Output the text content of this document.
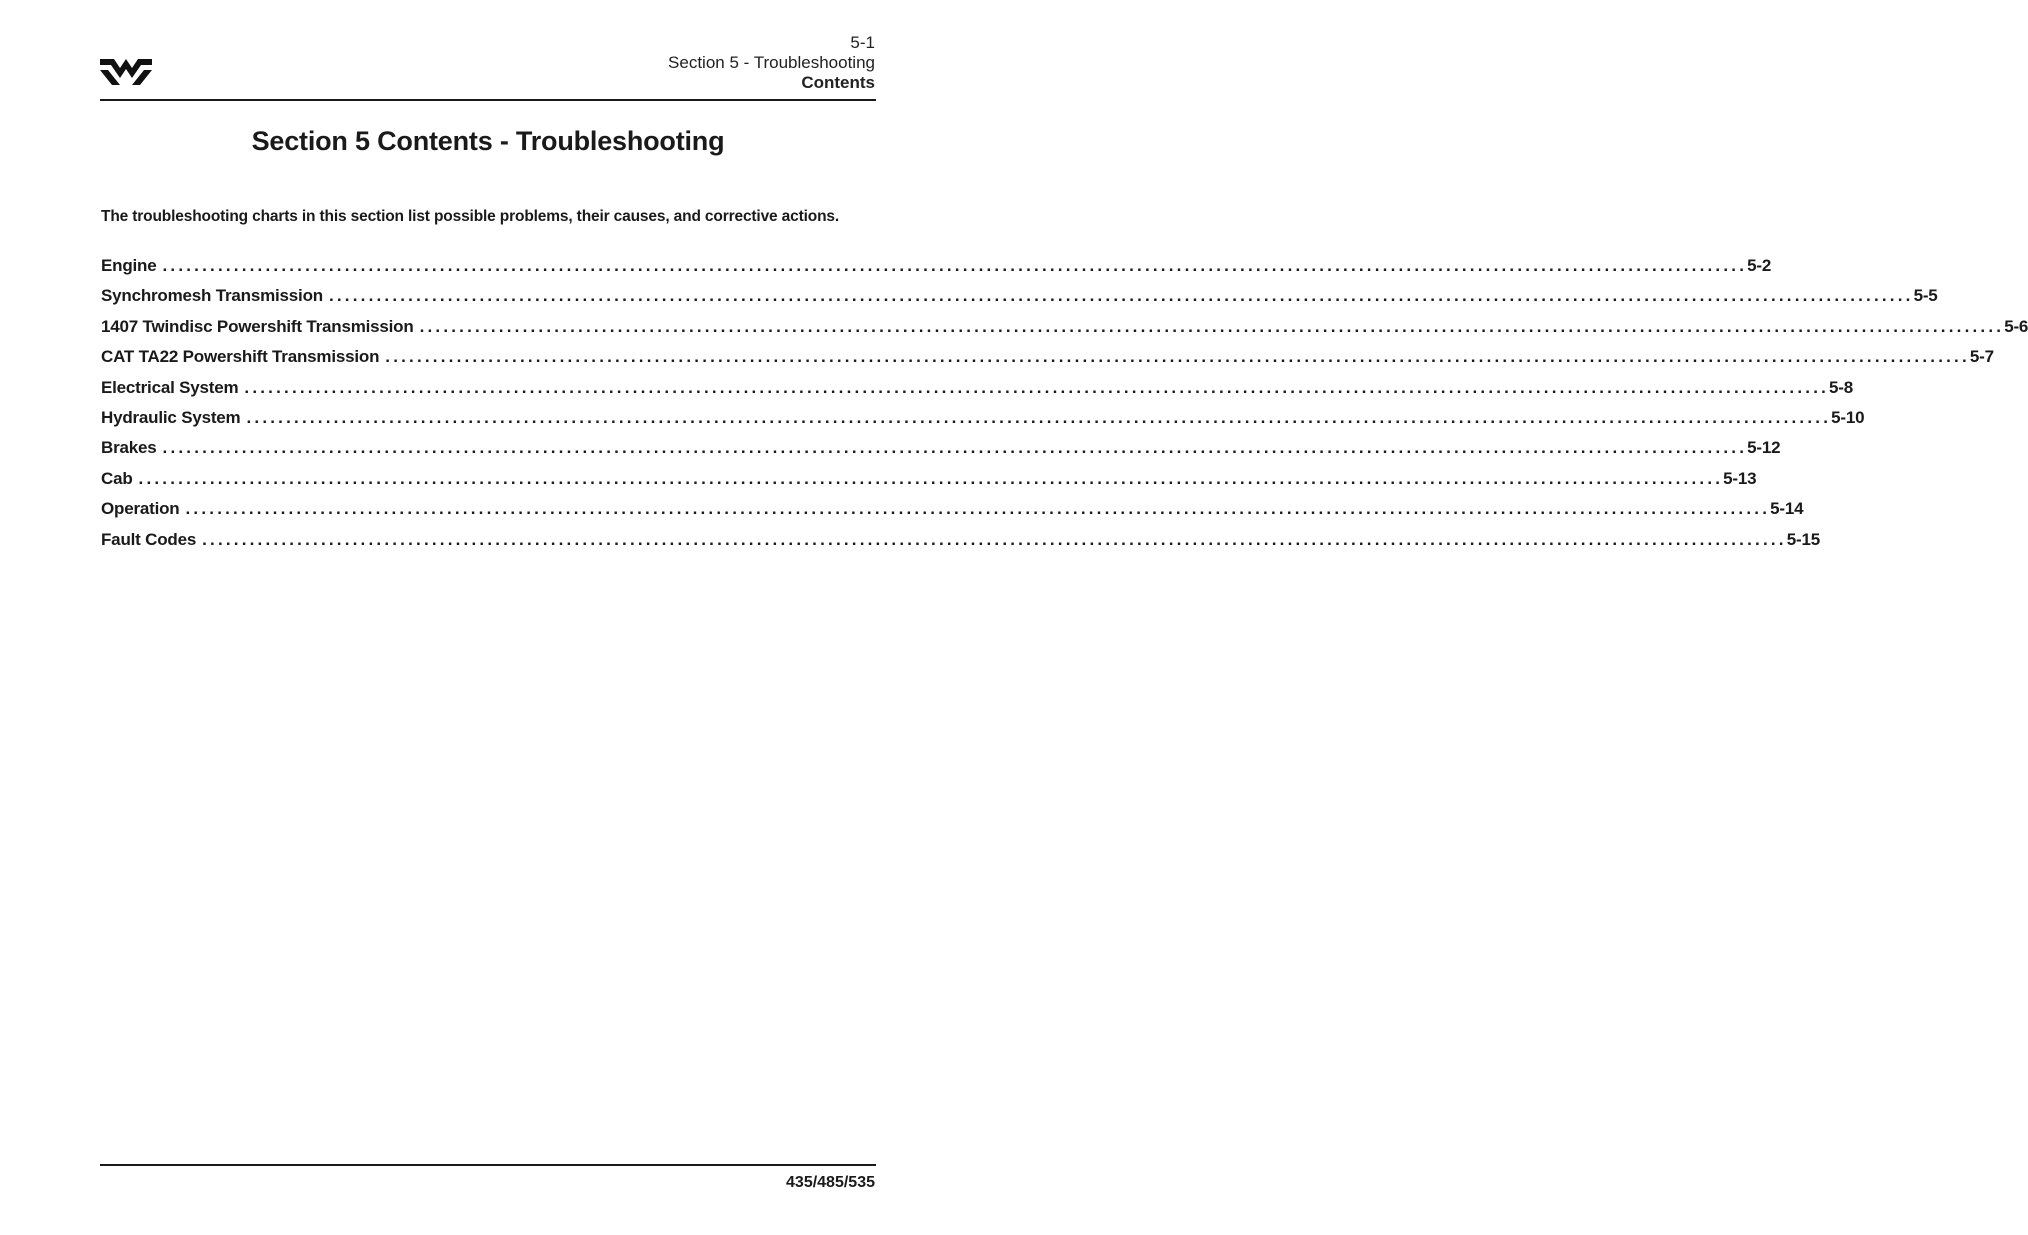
5-1
Section 5 - Troubleshooting
Contents
Section 5 Contents - Troubleshooting
The troubleshooting charts in this section list possible problems, their causes, and corrective actions.
Engine ........................................................................................................................................................................................................ 5-2
Synchromesh Transmission ........................................................................................................................................................................................................ 5-5
1407 Twindisc Powershift Transmission ........................................................................................................................................................................................................ 5-6
CAT TA22 Powershift Transmission ........................................................................................................................................................................................................ 5-7
Electrical System ........................................................................................................................................................................................................ 5-8
Hydraulic System ........................................................................................................................................................................................................ 5-10
Brakes ........................................................................................................................................................................................................ 5-12
Cab ........................................................................................................................................................................................................ 5-13
Operation ........................................................................................................................................................................................................ 5-14
Fault Codes ........................................................................................................................................................................................................ 5-15
435/485/535
